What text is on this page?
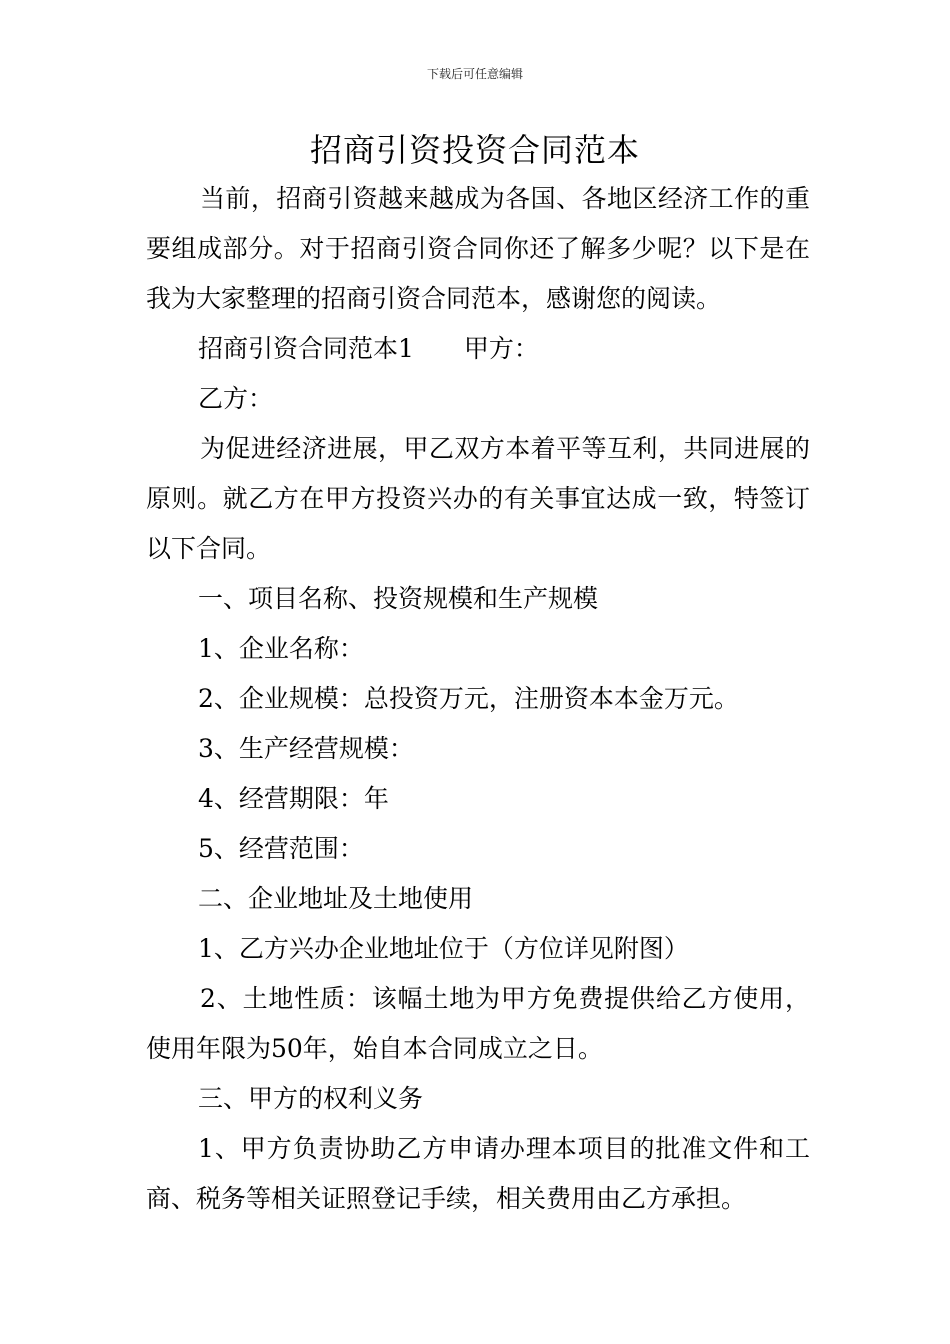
下载后可任意编辑
招商引资投资合同范本

当前，招商引资越来越成为各国、各地区经济工作的重要组成部分。对于招商引资合同你还了解多少呢？以下是在我为大家整理的招商引资合同范本，感谢您的阅读。

招商引资合同范本1 甲方：

乙方：

为促进经济进展，甲乙双方本着平等互利，共同进展的原则。就乙方在甲方投资兴办的有关事宜达成一致，特签订以下合同。

一、项目名称、投资规模和生产规模

1、企业名称：

2、企业规模：总投资万元，注册资本本金万元。

3、生产经营规模：

4、经营期限：年

5、经营范围：

二、企业地址及土地使用

1、乙方兴办企业地址位于（方位详见附图）

2、土地性质：该幅土地为甲方免费提供给乙方使用，使用年限为50年，始自本合同成立之日。

三、甲方的权利义务

1、甲方负责协助乙方申请办理本项目的批准文件和工商、税务等相关证照登记手续，相关费用由乙方承担。
